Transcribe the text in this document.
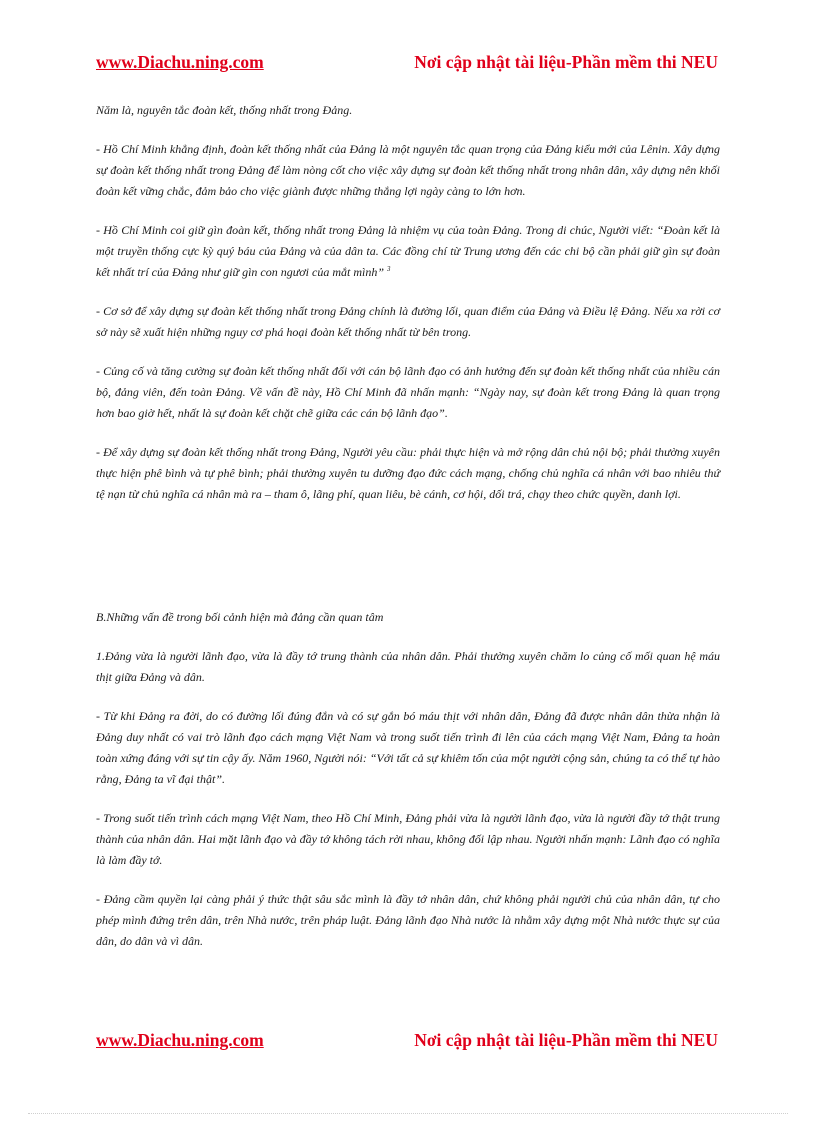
www.Diachu.ning.com	Nơi cập nhật tài liệu-Phần mềm thi NEU

Năm là, nguyên tắc đoàn kết, thống nhất trong Đảng.

- Hồ Chí Minh khẳng định, đoàn kết thống nhất của Đảng là một nguyên tắc quan trọng của Đảng kiểu mới của Lênin. Xây dựng sự đoàn kết thống nhất trong Đảng để làm nòng cốt cho việc xây dựng sự đoàn kết thống nhất trong nhân dân, xây dựng nên khối đoàn kết vững chắc, đảm bảo cho việc giành được những thắng lợi ngày càng to lớn hơn.

- Hồ Chí Minh coi giữ gìn đoàn kết, thống nhất trong Đảng là nhiệm vụ của toàn Đảng. Trong di chúc, Người viết: “Đoàn kết là một truyền thống cực kỳ quý báu của Đảng và của dân ta. Các đồng chí từ Trung ương đến các chi bộ cần phải giữ gìn sự đoàn kết nhất trí của Đảng như giữ gìn con ngươi của mắt mình” $^3$

- Cơ sở để xây dựng sự đoàn kết thống nhất trong Đảng chính là đường lối, quan điểm của Đảng và Điều lệ Đảng. Nếu xa rời cơ sở này sẽ xuất hiện những nguy cơ phá hoại đoàn kết thống nhất từ bên trong.

- Củng cố và tăng cường sự đoàn kết thống nhất đối với cán bộ lãnh đạo có ảnh hưởng đến sự đoàn kết thống nhất của nhiều cán bộ, đảng viên, đến toàn Đảng. Về vấn đề này, Hồ Chí Minh đã nhấn mạnh: “Ngày nay, sự đoàn kết trong Đảng là quan trọng hơn bao giờ hết, nhất là sự đoàn kết chặt chẽ giữa các cán bộ lãnh đạo”.

- Để xây dựng sự đoàn kết thống nhất trong Đảng, Người yêu cầu: phải thực hiện và mở rộng dân chủ nội bộ; phải thường xuyên thực hiện phê bình và tự phê bình; phải thường xuyên tu dưỡng đạo đức cách mạng, chống chủ nghĩa cá nhân với bao nhiêu thứ tệ nạn từ chủ nghĩa cá nhân mà ra – tham ô, lãng phí, quan liêu, bè cánh, cơ hội, dối trá, chạy theo chức quyền, danh lợi.

B.Những vấn đề trong bối cảnh hiện mà đảng cần quan tâm

1.Đảng vừa là người lãnh đạo, vừa là đầy tớ trung thành của nhân dân. Phải thường xuyên chăm lo củng cố mối quan hệ máu thịt giữa Đảng và dân.

- Từ khi Đảng ra đời, do có đường lối đúng đắn và có sự gắn bó máu thịt với nhân dân, Đảng đã được nhân dân thừa nhận là Đảng duy nhất có vai trò lãnh đạo cách mạng Việt Nam và trong suốt tiến trình đi lên của cách mạng Việt Nam, Đảng ta hoàn toàn xứng đáng với sự tin cậy ấy. Năm 1960, Người nói: “Với tất cả sự khiêm tốn của một người cộng sản, chúng ta có thể tự hào rằng, Đảng ta vĩ đại thật”.

- Trong suốt tiến trình cách mạng Việt Nam, theo Hồ Chí Minh, Đảng phải vừa là người lãnh đạo, vừa là người đầy tớ thật trung thành của nhân dân. Hai mặt lãnh đạo và đầy tớ không tách rời nhau, không đối lập nhau. Người nhấn mạnh: Lãnh đạo có nghĩa là làm đầy tớ.

- Đảng cầm quyền lại càng phải ý thức thật sâu sắc mình là đầy tớ nhân dân, chứ không phải người chủ của nhân dân, tự cho phép mình đứng trên dân, trên Nhà nước, trên pháp luật. Đảng lãnh đạo Nhà nước là nhằm xây dựng một Nhà nước thực sự của dân, do dân và vì dân.

www.Diachu.ning.com	Nơi cập nhật tài liệu-Phần mềm thi NEU
